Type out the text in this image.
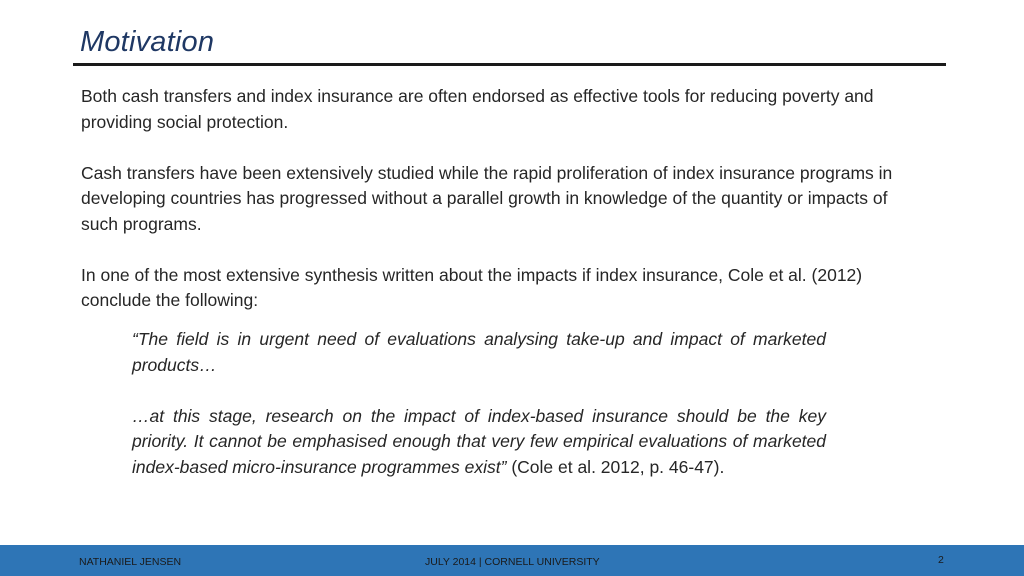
Motivation

Both cash transfers and index insurance are often endorsed as effective tools for reducing poverty and providing social protection.

Cash transfers have been extensively studied while the rapid proliferation of index insurance programs in developing countries has progressed without a parallel growth in knowledge of the quantity or impacts of such programs.

In one of the most extensive synthesis written about the impacts if index insurance, Cole et al. (2012) conclude the following:

“The field is in urgent need of evaluations analysing take-up and impact of marketed products…

…at this stage, research on the impact of index-based insurance should be the key priority. It cannot be emphasised enough that very few empirical evaluations of marketed index-based micro-insurance programmes exist” (Cole et al. 2012, p. 46-47).

NATHANIEL JENSEN	JULY 2014 | CORNELL UNIVERSITY	2
